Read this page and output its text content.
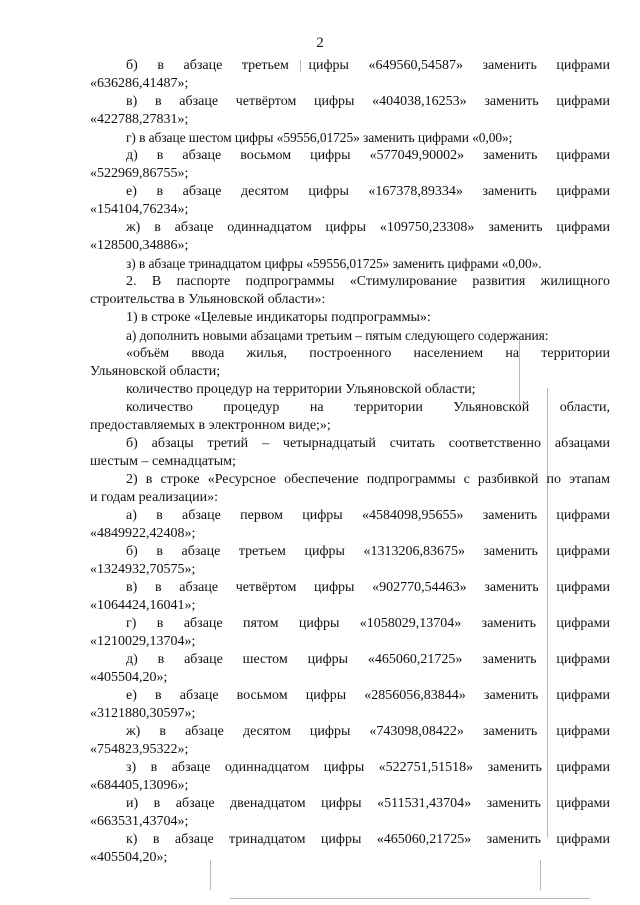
2

б) в абзаце третьем цифры «649560,54587» заменить цифрами

«636286,41487»;

в) в абзаце четвёртом цифры «404038,16253» заменить цифрами

«422788,27831»;

г) в абзаце шестом цифры «59556,01725» заменить цифрами «0,00»;

д) в абзаце восьмом цифры «577049,90002» заменить цифрами

«522969,86755»;

е) в абзаце десятом цифры «167378,89334» заменить цифрами

«154104,76234»;

ж) в абзаце одиннадцатом цифры «109750,23308» заменить цифрами

«128500,34886»;

з) в абзаце тринадцатом цифры «59556,01725» заменить цифрами «0,00».

2. В паспорте подпрограммы «Стимулирование развития жилищного

строительства в Ульяновской области»:

1) в строке «Целевые индикаторы подпрограммы»:

а) дополнить новыми абзацами третьим – пятым следующего содержания:

«объём ввода жилья, построенного населением на территории

Ульяновской области;

количество процедур на территории Ульяновской области;

количество процедур на территории Ульяновской области,

предоставляемых в электронном виде;»;

б) абзацы третий – четырнадцатый считать соответственно абзацами

шестым – семнадцатым;

2) в строке «Ресурсное обеспечение подпрограммы с разбивкой по этапам

и годам реализации»:

а) в абзаце первом цифры «4584098,95655» заменить цифрами

«4849922,42408»;

б) в абзаце третьем цифры «1313206,83675» заменить цифрами

«1324932,70575»;

в) в абзаце четвёртом цифры «902770,54463» заменить цифрами

«1064424,16041»;

г) в абзаце пятом цифры «1058029,13704» заменить цифрами

«1210029,13704»;

д) в абзаце шестом цифры «465060,21725» заменить цифрами

«405504,20»;

е) в абзаце восьмом цифры «2856056,83844» заменить цифрами

«3121880,30597»;

ж) в абзаце десятом цифры «743098,08422» заменить цифрами

«754823,95322»;

з) в абзаце одиннадцатом цифры «522751,51518» заменить цифрами

«684405,13096»;

и) в абзаце двенадцатом цифры «511531,43704» заменить цифрами

«663531,43704»;

к) в абзаце тринадцатом цифры «465060,21725» заменить цифрами

«405504,20»;
